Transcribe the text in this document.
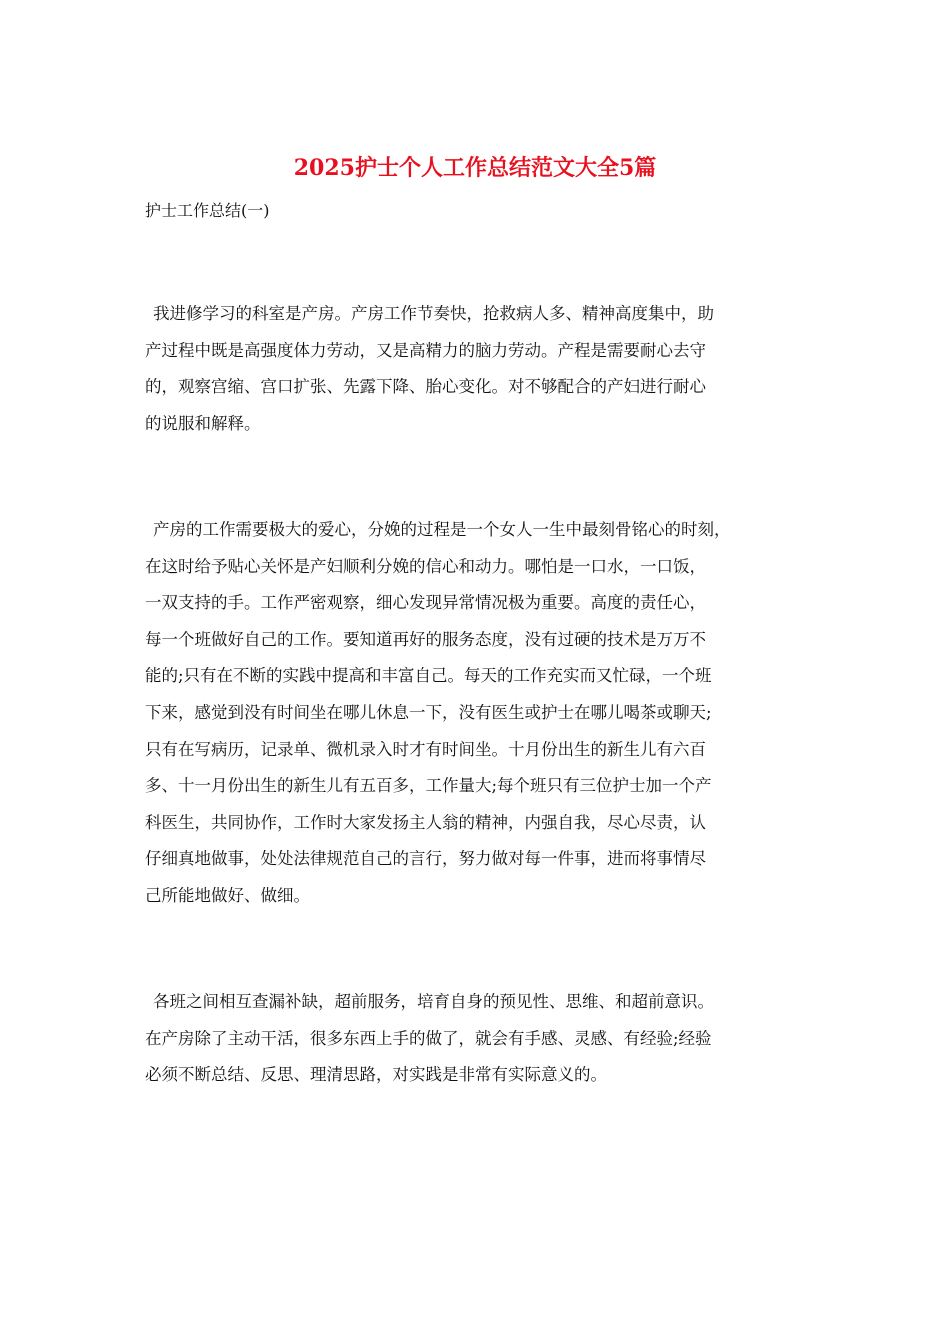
2025护士个人工作总结范文大全5篇

护士工作总结(一)

我进修学习的科室是产房。产房工作节奏快，抢救病人多、精神高度集中，助
产过程中既是高强度体力劳动，又是高精力的脑力劳动。产程是需要耐心去守
的，观察宫缩、宫口扩张、先露下降、胎心变化。对不够配合的产妇进行耐心
的说服和解释。
产房的工作需要极大的爱心，分娩的过程是一个女人一生中最刻骨铭心的时刻，
在这时给予贴心关怀是产妇顺利分娩的信心和动力。哪怕是一口水，一口饭，
一双支持的手。工作严密观察，细心发现异常情况极为重要。高度的责任心，
每一个班做好自己的工作。要知道再好的服务态度，没有过硬的技术是万万不
能的;只有在不断的实践中提高和丰富自己。每天的工作充实而又忙碌，一个班
下来，感觉到没有时间坐在哪儿休息一下，没有医生或护士在哪儿喝茶或聊天;
只有在写病历，记录单、微机录入时才有时间坐。十月份出生的新生儿有六百
多、十一月份出生的新生儿有五百多，工作量大;每个班只有三位护士加一个产
科医生，共同协作，工作时大家发扬主人翁的精神，内强自我，尽心尽责，认
仔细真地做事，处处法律规范自己的言行，努力做对每一件事，进而将事情尽
己所能地做好、做细。
各班之间相互查漏补缺，超前服务，培育自身的预见性、思维、和超前意识。
在产房除了主动干活，很多东西上手的做了，就会有手感、灵感、有经验;经验
必须不断总结、反思、理清思路，对实践是非常有实际意义的。
